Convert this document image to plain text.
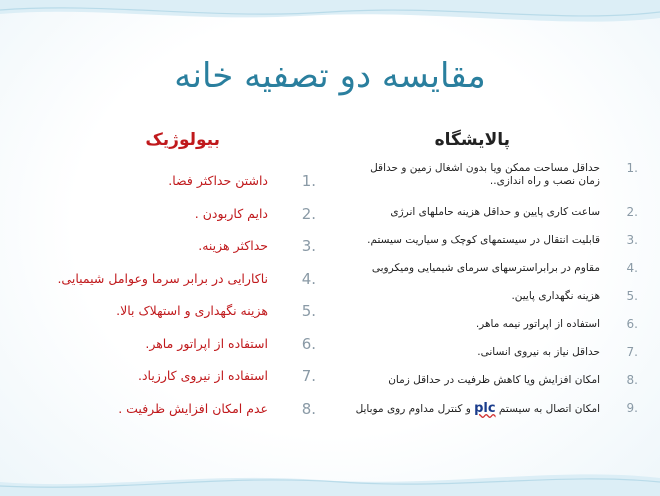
مقایسه دو تصفیه خانه
پالایشگاه
بیولوژیک
1.
حداقل مساحت ممکن ویا بدون اشغال زمین و حداقل زمان نصب و راه اندازی..
2.
ساعت کاری پایین و حداقل هزینه حاملهای انرژی
3.
قابلیت انتقال در سیستمهای کوچک و سیاریت سیستم.
4.
مقاوم در برابراسترسهای سرمای شیمیایی ومیکروبی
5.
هزینه نگهداری پایین.
6.
استفاده از اپراتور نیمه ماهر.
7.
حداقل نیاز به نیروی انسانی.
8.
امکان افزایش ویا کاهش ظرفیت در حداقل زمان
9.
امکان اتصال به سیستم plc و کنترل مداوم روی موبایل
1.
داشتن حداکثر فضا.
2.
دایم کاربودن .
3.
حداکثر هزینه.
4.
ناکارایی در برابر سرما وعوامل شیمیایی.
5.
هزینه نگهداری و استهلاک بالا.
6.
استفاده از اپراتور ماهر.
7.
استفاده از نیروی کارزیاد.
8.
عدم امکان افزایش ظرفیت .
